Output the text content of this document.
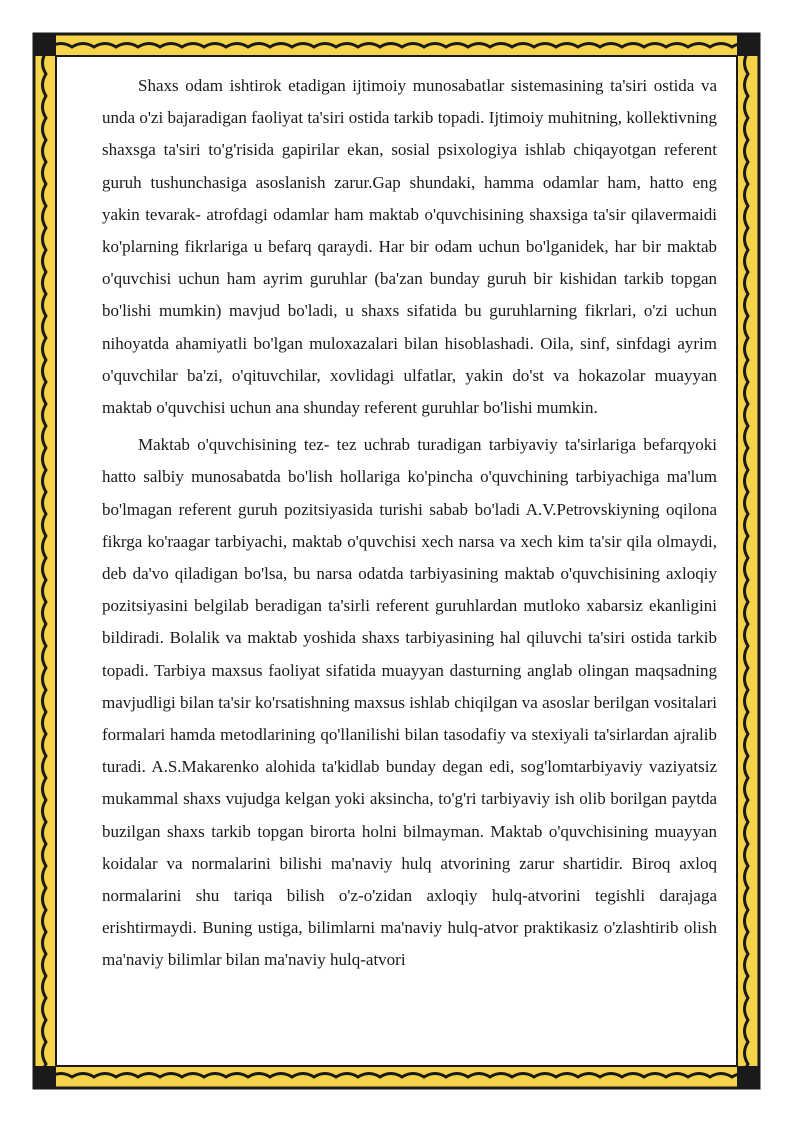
Shaxs odam ishtirok etadigan ijtimoiy munosabatlar sistemasining ta'siri ostida va unda o'zi bajaradigan faoliyat ta'siri ostida tarkib topadi. Ijtimoiy muhitning, kollektivning shaxsga ta'siri to'g'risida gapirilar ekan, sosial psixologiya ishlab chiqayotgan referent guruh tushunchasiga asoslanish zarur.Gap shundaki, hamma odamlar ham, hatto eng yakin tevarak- atrofdagi odamlar ham maktab o'quvchisining shaxsiga ta'sir qilavermaidi ko'plarning fikrlariga u befarq qaraydi. Har bir odam uchun bo'lganidek, har bir maktab o'quvchisi uchun ham ayrim guruhlar (ba'zan bunday guruh bir kishidan tarkib topgan bo'lishi mumkin) mavjud bo'ladi, u shaxs sifatida bu guruhlarning fikrlari, o'zi uchun nihoyatda ahamiyatli bo'lgan muloxazalari bilan hisoblashadi. Oila, sinf, sinfdagi ayrim o'quvchilar ba'zi, o'qituvchilar, xovlidagi ulfatlar, yakin do'st va hokazolar muayyan maktab o'quvchisi uchun ana shunday referent guruhlar bo'lishi mumkin.

Maktab o'quvchisining tez- tez uchrab turadigan tarbiyaviy ta'sirlariga befarqyoki hatto salbiy munosabatda bo'lish hollariga ko'pincha o'quvchining tarbiyachiga ma'lum bo'lmagan referent guruh pozitsiyasida turishi sabab bo'ladi A.V.Petrovskiyning oqilona fikrga ko'raagar tarbiyachi, maktab o'quvchisi xech narsa va xech kim ta'sir qila olmaydi, deb da'vo qiladigan bo'lsa, bu narsa odatda tarbiyasining maktab o'quvchisining axloqiy pozitsiyasini belgilab beradigan ta'sirli referent guruhlardan mutloko xabarsiz ekanligini bildiradi. Bolalik va maktab yoshida shaxs tarbiyasining hal qiluvchi ta'siri ostida tarkib topadi. Tarbiya maxsus faoliyat sifatida muayyan dasturning anglab olingan maqsadning mavjudligi bilan ta'sir ko'rsatishning maxsus ishlab chiqilgan va asoslar berilgan vositalari formalari hamda metodlarining qo'llanilishi bilan tasodafiy va stexiyali ta'sirlardan ajralib turadi. A.S.Makarenko alohida ta'kidlab bunday degan edi, sog'lomtarbiyaviy vaziyatsiz mukammal shaxs vujudga kelgan yoki aksincha, to'g'ri tarbiyaviy ish olib borilgan paytda buzilgan shaxs tarkib topgan birorta holni bilmayman. Maktab o'quvchisining muayyan koidalar va normalarini bilishi ma'naviy hulq atvorining zarur shartidir. Biroq axloq normalarini shu tariqa bilish o'z-o'zidan axloqiy hulq-atvorini tegishli darajaga erishtirmaydi. Buning ustiga, bilimlarni ma'naviy hulq-atvor praktikasiz o'zlashtirib olish ma'naviy bilimlar bilan ma'naviy hulq-atvori
